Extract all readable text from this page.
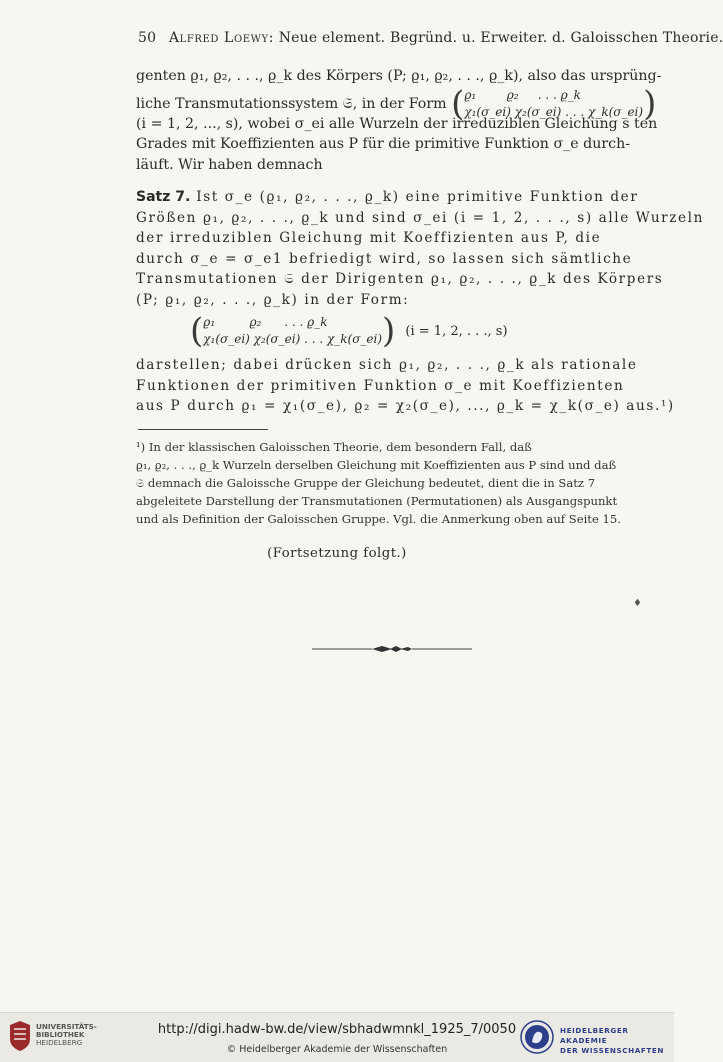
50 Alfred Loewy: Neue element. Begründ. u. Erweiter. d. Galoisschen Theorie.
genten ϱ₁, ϱ₂, . . ., ϱ_k des Körpers (P; ϱ₁, ϱ₂, . . ., ϱ_k), also das ursprüng-
liche Transmutationssystem 𝔖, in der Form ( ϱ₁	ϱ₂ . . . ϱ_k
χ₁(σ_ei) χ₂(σ_ei) . . . χ_k(σ_ei) )
(i = 1, 2, ..., s), wobei σ_ei alle Wurzeln der irreduziblen Gleichung s ten
Grades mit Koeffizienten aus P für die primitive Funktion σ_e durch-
läuft. Wir haben demnach
Satz 7. Ist σ_e (ϱ₁, ϱ₂, . . ., ϱ_k) eine primitive Funktion der
Größen ϱ₁, ϱ₂, . . ., ϱ_k und sind σ_ei (i = 1, 2, . . ., s) alle Wurzeln
der irreduziblen Gleichung mit Koeffizienten aus P, die
durch σ_e = σ_e1 befriedigt wird, so lassen sich sämtliche
Transmutationen 𝔖 der Dirigenten ϱ₁, ϱ₂, . . ., ϱ_k des Körpers
(P; ϱ₁, ϱ₂, . . ., ϱ_k) in der Form:
( ϱ₁	ϱ₂ . . . ϱ_k
χ₁(σ_ei) χ₂(σ_ei) . . . χ_k(σ_ei) ) (i = 1, 2, . . ., s)
darstellen; dabei drücken sich ϱ₁, ϱ₂, . . ., ϱ_k als rationale
Funktionen der primitiven Funktion σ_e mit Koeffizienten
aus P durch ϱ₁ = χ₁(σ_e), ϱ₂ = χ₂(σ_e), ..., ϱ_k = χ_k(σ_e) aus.¹)
¹) In der klassischen Galoisschen Theorie, dem besondern Fall, daß
ϱ₁, ϱ₂, . . ., ϱ_k Wurzeln derselben Gleichung mit Koeffizienten aus P sind und daß
𝔖 demnach die Galoissche Gruppe der Gleichung bedeutet, dient die in Satz 7
abgeleitete Darstellung der Transmutationen (Permutationen) als Ausgangspunkt
und als Definition der Galoisschen Gruppe. Vgl. die Anmerkung oben auf Seite 15.
(Fortsetzung folgt.)
♦
UNIVERSITÄTS-
BIBLIOTHEK
HEIDELBERG
http://digi.hadw-bw.de/view/sbhadwmnkl_1925_7/0050
© Heidelberger Akademie der Wissenschaften
HEIDELBERGER AKADEMIE
DER WISSENSCHAFTEN
